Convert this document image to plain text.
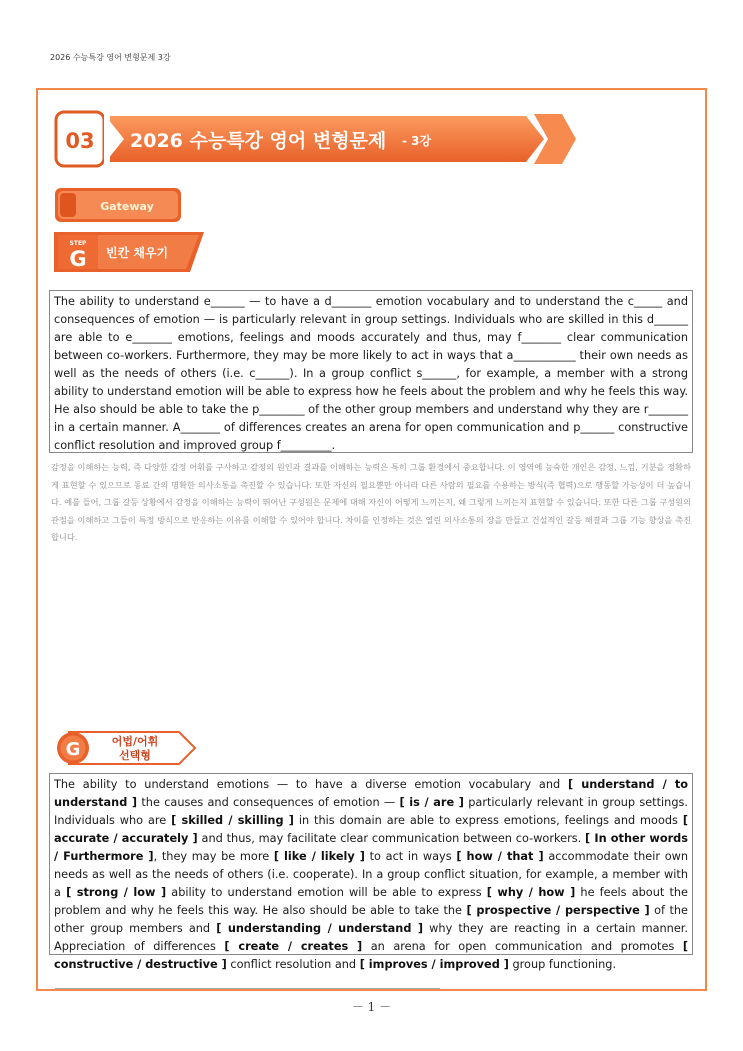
2026 수능특강 영어 변형문제 3강
03 2026 수능특강 영어 변형문제 - 3강
Gateway
STEP
G 빈칸 채우기
The ability to understand e______ — to have a d_______ emotion vocabulary and to understand the c_____ and consequences of emotion — is particularly relevant in group settings. Individuals who are skilled in this d______ are able to e_______ emotions, feelings and moods accurately and thus, may f_______ clear communication between co-workers. Furthermore, they may be more likely to act in ways that a___________ their own needs as well as the needs of others (i.e. c______). In a group conflict s______, for example, a member with a strong ability to understand emotion will be able to express how he feels about the problem and why he feels this way. He also should be able to take the p________ of the other group members and understand why they are r_______ in a certain manner. A_______ of differences creates an arena for open communication and p______ constructive conflict resolution and improved group f_________.
감정을 이해하는 능력, 즉 다양한 감정 어휘를 구사하고 감정의 원인과 결과를 이해하는 능력은 특히 그룹 환경에서 중요합니다. 이 영역에 능숙한 개인은 감정, 느낌, 기분을 정확하게 표현할 수 있으므로 동료 간의 명확한 의사소통을 촉진할 수 있습니다. 또한 자신의 필요뿐만 아니라 다른 사람의 필요를 수용하는 방식(즉 협력)으로 행동할 가능성이 더 높습니다. 예를 들어, 그룹 갈등 상황에서 감정을 이해하는 능력이 뛰어난 구성원은 문제에 대해 자신이 어떻게 느끼는지, 왜 그렇게 느끼는지 표현할 수 있습니다. 또한 다른 그룹 구성원의 관점을 이해하고 그들이 특정 방식으로 반응하는 이유를 이해할 수 있어야 합니다. 차이를 인정하는 것은 열린 의사소통의 장을 만들고 건설적인 갈등 해결과 그룹 기능 향상을 촉진합니다.
G	어법/어휘
선택형
The ability to understand emotions — to have a diverse emotion vocabulary and [ understand / to understand ] the causes and consequences of emotion — [ is / are ] particularly relevant in group settings. Individuals who are [ skilled / skilling ] in this domain are able to express emotions, feelings and moods [ accurate / accurately ] and thus, may facilitate clear communication between co-workers. [ In other words / Furthermore ], they may be more [ like / likely ] to act in ways [ how / that ] accommodate their own needs as well as the needs of others (i.e. cooperate). In a group conflict situation, for example, a member with a [ strong / low ] ability to understand emotion will be able to express [ why / how ] he feels about the problem and why he feels this way. He also should be able to take the [ prospective / perspective ] of the other group members and [ understanding / understand ] why they are reacting in a certain manner. Appreciation of differences [ create / creates ] an arena for open communication and promotes [ constructive / destructive ] conflict resolution and [ improves / improved ] group functioning.
－ 1 －
